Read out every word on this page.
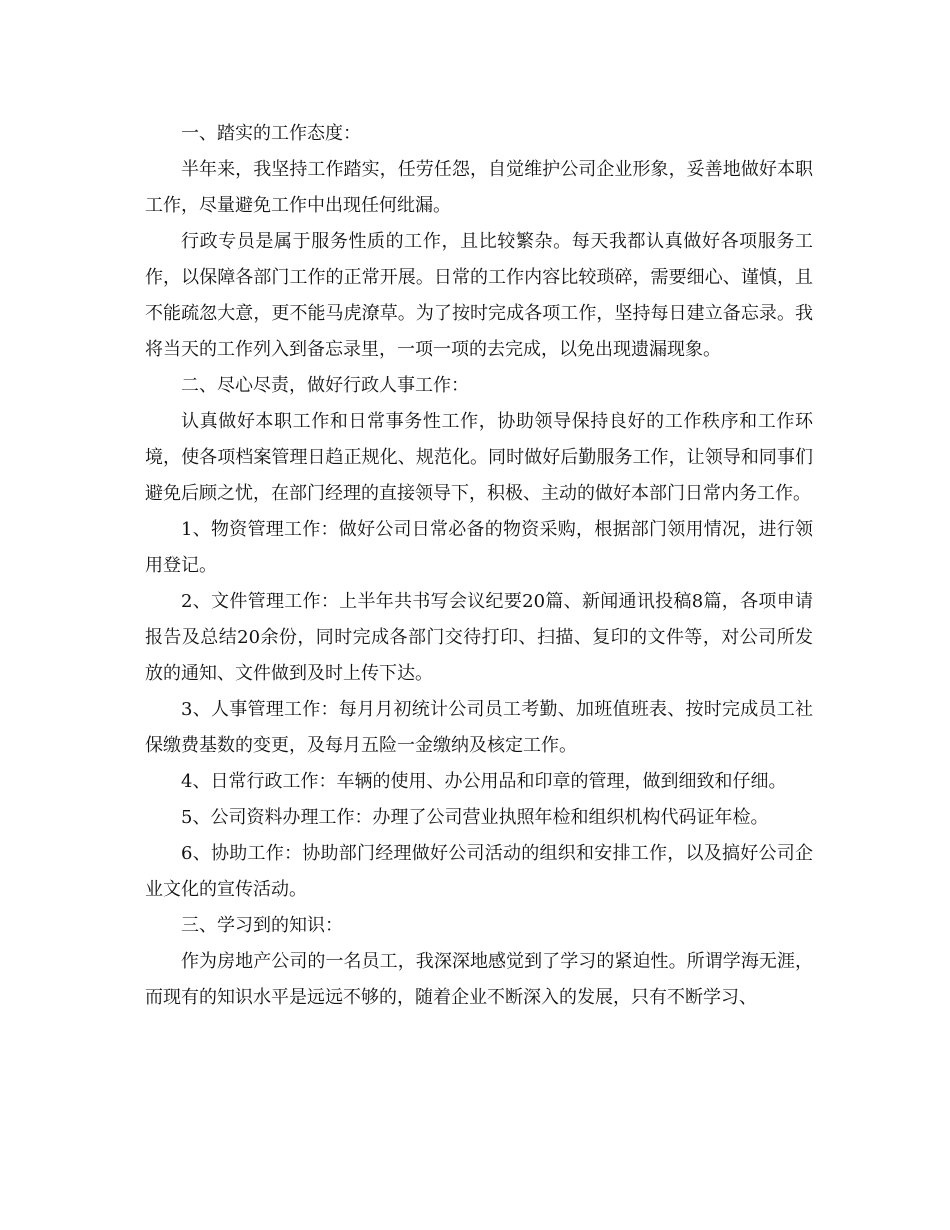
一、踏实的工作态度：

半年来，我坚持工作踏实，任劳任怨，自觉维护公司企业形象，妥善地做好本职工作，尽量避免工作中出现任何纰漏。

行政专员是属于服务性质的工作，且比较繁杂。每天我都认真做好各项服务工作，以保障各部门工作的正常开展。日常的工作内容比较琐碎，需要细心、谨慎，且不能疏忽大意，更不能马虎潦草。为了按时完成各项工作，坚持每日建立备忘录。我将当天的工作列入到备忘录里，一项一项的去完成，以免出现遗漏现象。

二、尽心尽责，做好行政人事工作：

认真做好本职工作和日常事务性工作，协助领导保持良好的工作秩序和工作环境，使各项档案管理日趋正规化、规范化。同时做好后勤服务工作，让领导和同事们避免后顾之忧，在部门经理的直接领导下，积极、主动的做好本部门日常内务工作。

1、物资管理工作：做好公司日常必备的物资采购，根据部门领用情况，进行领用登记。

2、文件管理工作：上半年共书写会议纪要20篇、新闻通讯投稿8篇，各项申请报告及总结20余份，同时完成各部门交待打印、扫描、复印的文件等，对公司所发放的通知、文件做到及时上传下达。

3、人事管理工作：每月月初统计公司员工考勤、加班值班表、按时完成员工社保缴费基数的变更，及每月五险一金缴纳及核定工作。

4、日常行政工作：车辆的使用、办公用品和印章的管理，做到细致和仔细。

5、公司资料办理工作：办理了公司营业执照年检和组织机构代码证年检。

6、协助工作：协助部门经理做好公司活动的组织和安排工作，以及搞好公司企业文化的宣传活动。

三、学习到的知识：

作为房地产公司的一名员工，我深深地感觉到了学习的紧迫性。所谓学海无涯，而现有的知识水平是远远不够的，随着企业不断深入的发展，只有不断学习、
